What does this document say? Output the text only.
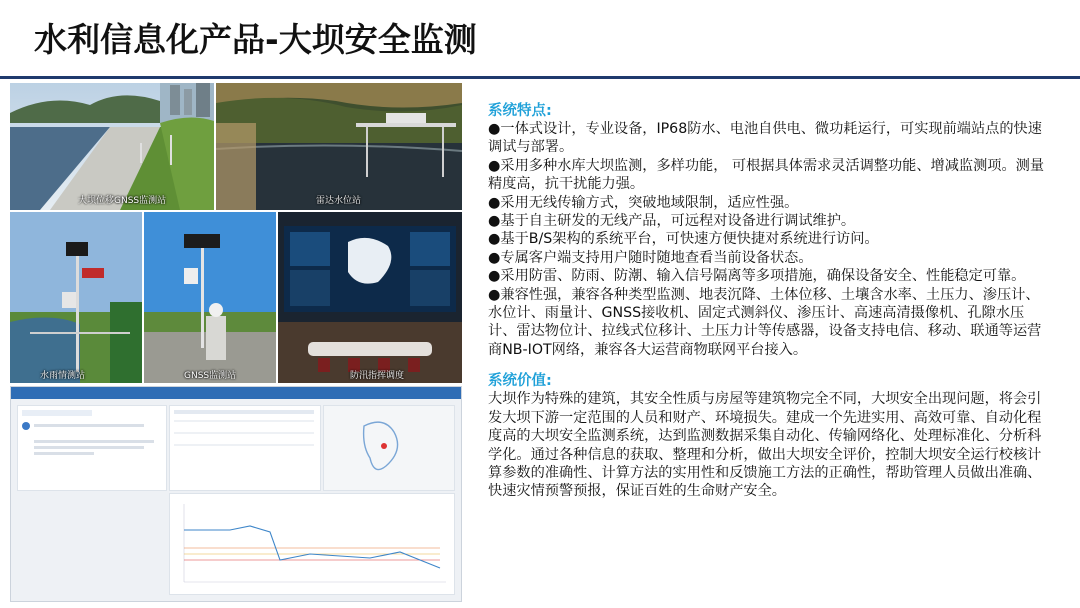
水利信息化产品-大坝安全监测
大坝位移GNSS监测站	雷达水位站
水雨情测站	GNSS监测站	防汛指挥调度
系统特点:
●一体式设计，专业设备，IP68防水、电池自供电、微功耗运行，可实现前端站点的快速调试与部署。
●采用多种水库大坝监测，多样功能， 可根据具体需求灵活调整功能、增减监测项。测量精度高，抗干扰能力强。
●采用无线传输方式，突破地域限制，适应性强。
●基于自主研发的无线产品，可远程对设备进行调试维护。
●基于B/S架构的系统平台，可快速方便快捷对系统进行访问。
●专属客户端支持用户随时随地查看当前设备状态。
●采用防雷、防雨、防潮、输入信号隔离等多项措施，确保设备安全、性能稳定可靠。
●兼容性强，兼容各种类型监测、地表沉降、土体位移、土壤含水率、土压力、渗压计、水位计、雨量计、GNSS接收机、固定式测斜仪、渗压计、高速高清摄像机、孔隙水压计、雷达物位计、拉线式位移计、土压力计等传感器，设备支持电信、移动、联通等运营商NB-IOT网络，兼容各大运营商物联网平台接入。
系统价值:
大坝作为特殊的建筑，其安全性质与房屋等建筑物完全不同，大坝安全出现问题，将会引发大坝下游一定范围的人员和财产、环境损失。建成一个先进实用、高效可靠、自动化程度高的大坝安全监测系统，达到监测数据采集自动化、传输网络化、处理标准化、分析科学化。通过各种信息的获取、整理和分析，做出大坝安全评价，控制大坝安全运行校核计算参数的准确性、计算方法的实用性和反馈施工方法的正确性，帮助管理人员做出准确、快速灾情预警预报，保证百姓的生命财产安全。
